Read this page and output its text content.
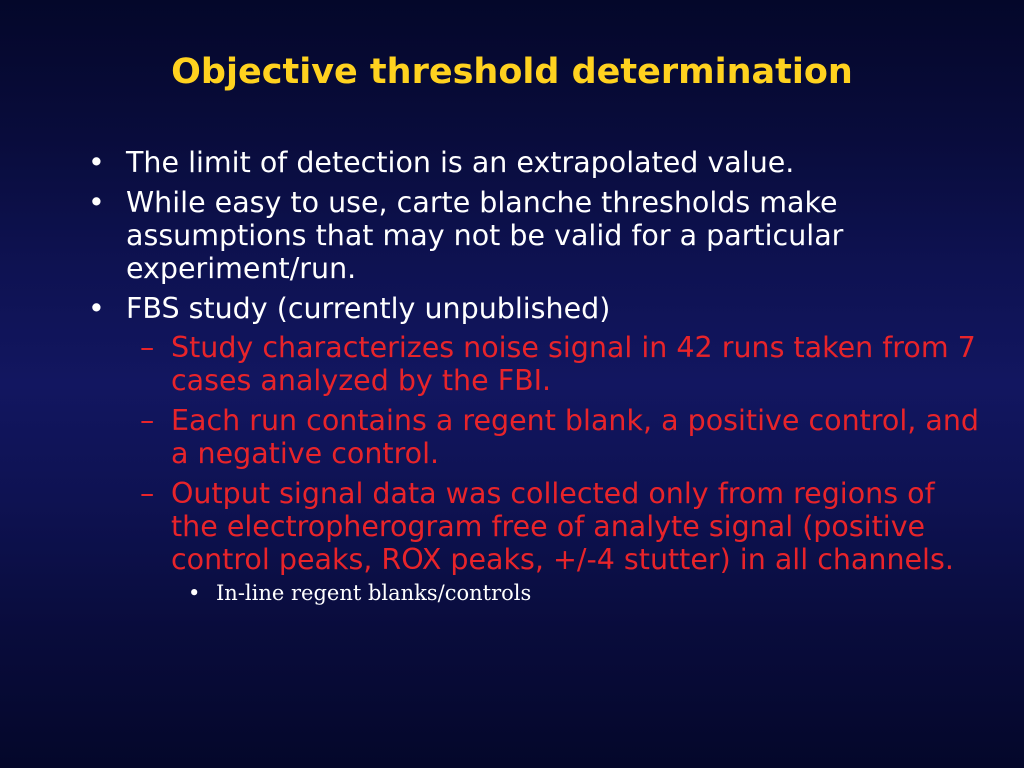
Objective threshold determination
• The limit of detection is an extrapolated value.
• While easy to use, carte blanche thresholds make assumptions that may not be valid for a particular experiment/run.
• FBS study (currently unpublished)
– Study characterizes noise signal in 42 runs taken from 7 cases analyzed by the FBI.
– Each run contains a regent blank, a positive control, and a negative control.
– Output signal data was collected only from regions of the electropherogram free of analyte signal (positive control peaks, ROX peaks, +/-4 stutter) in all channels.
• In-line regent blanks/controls
